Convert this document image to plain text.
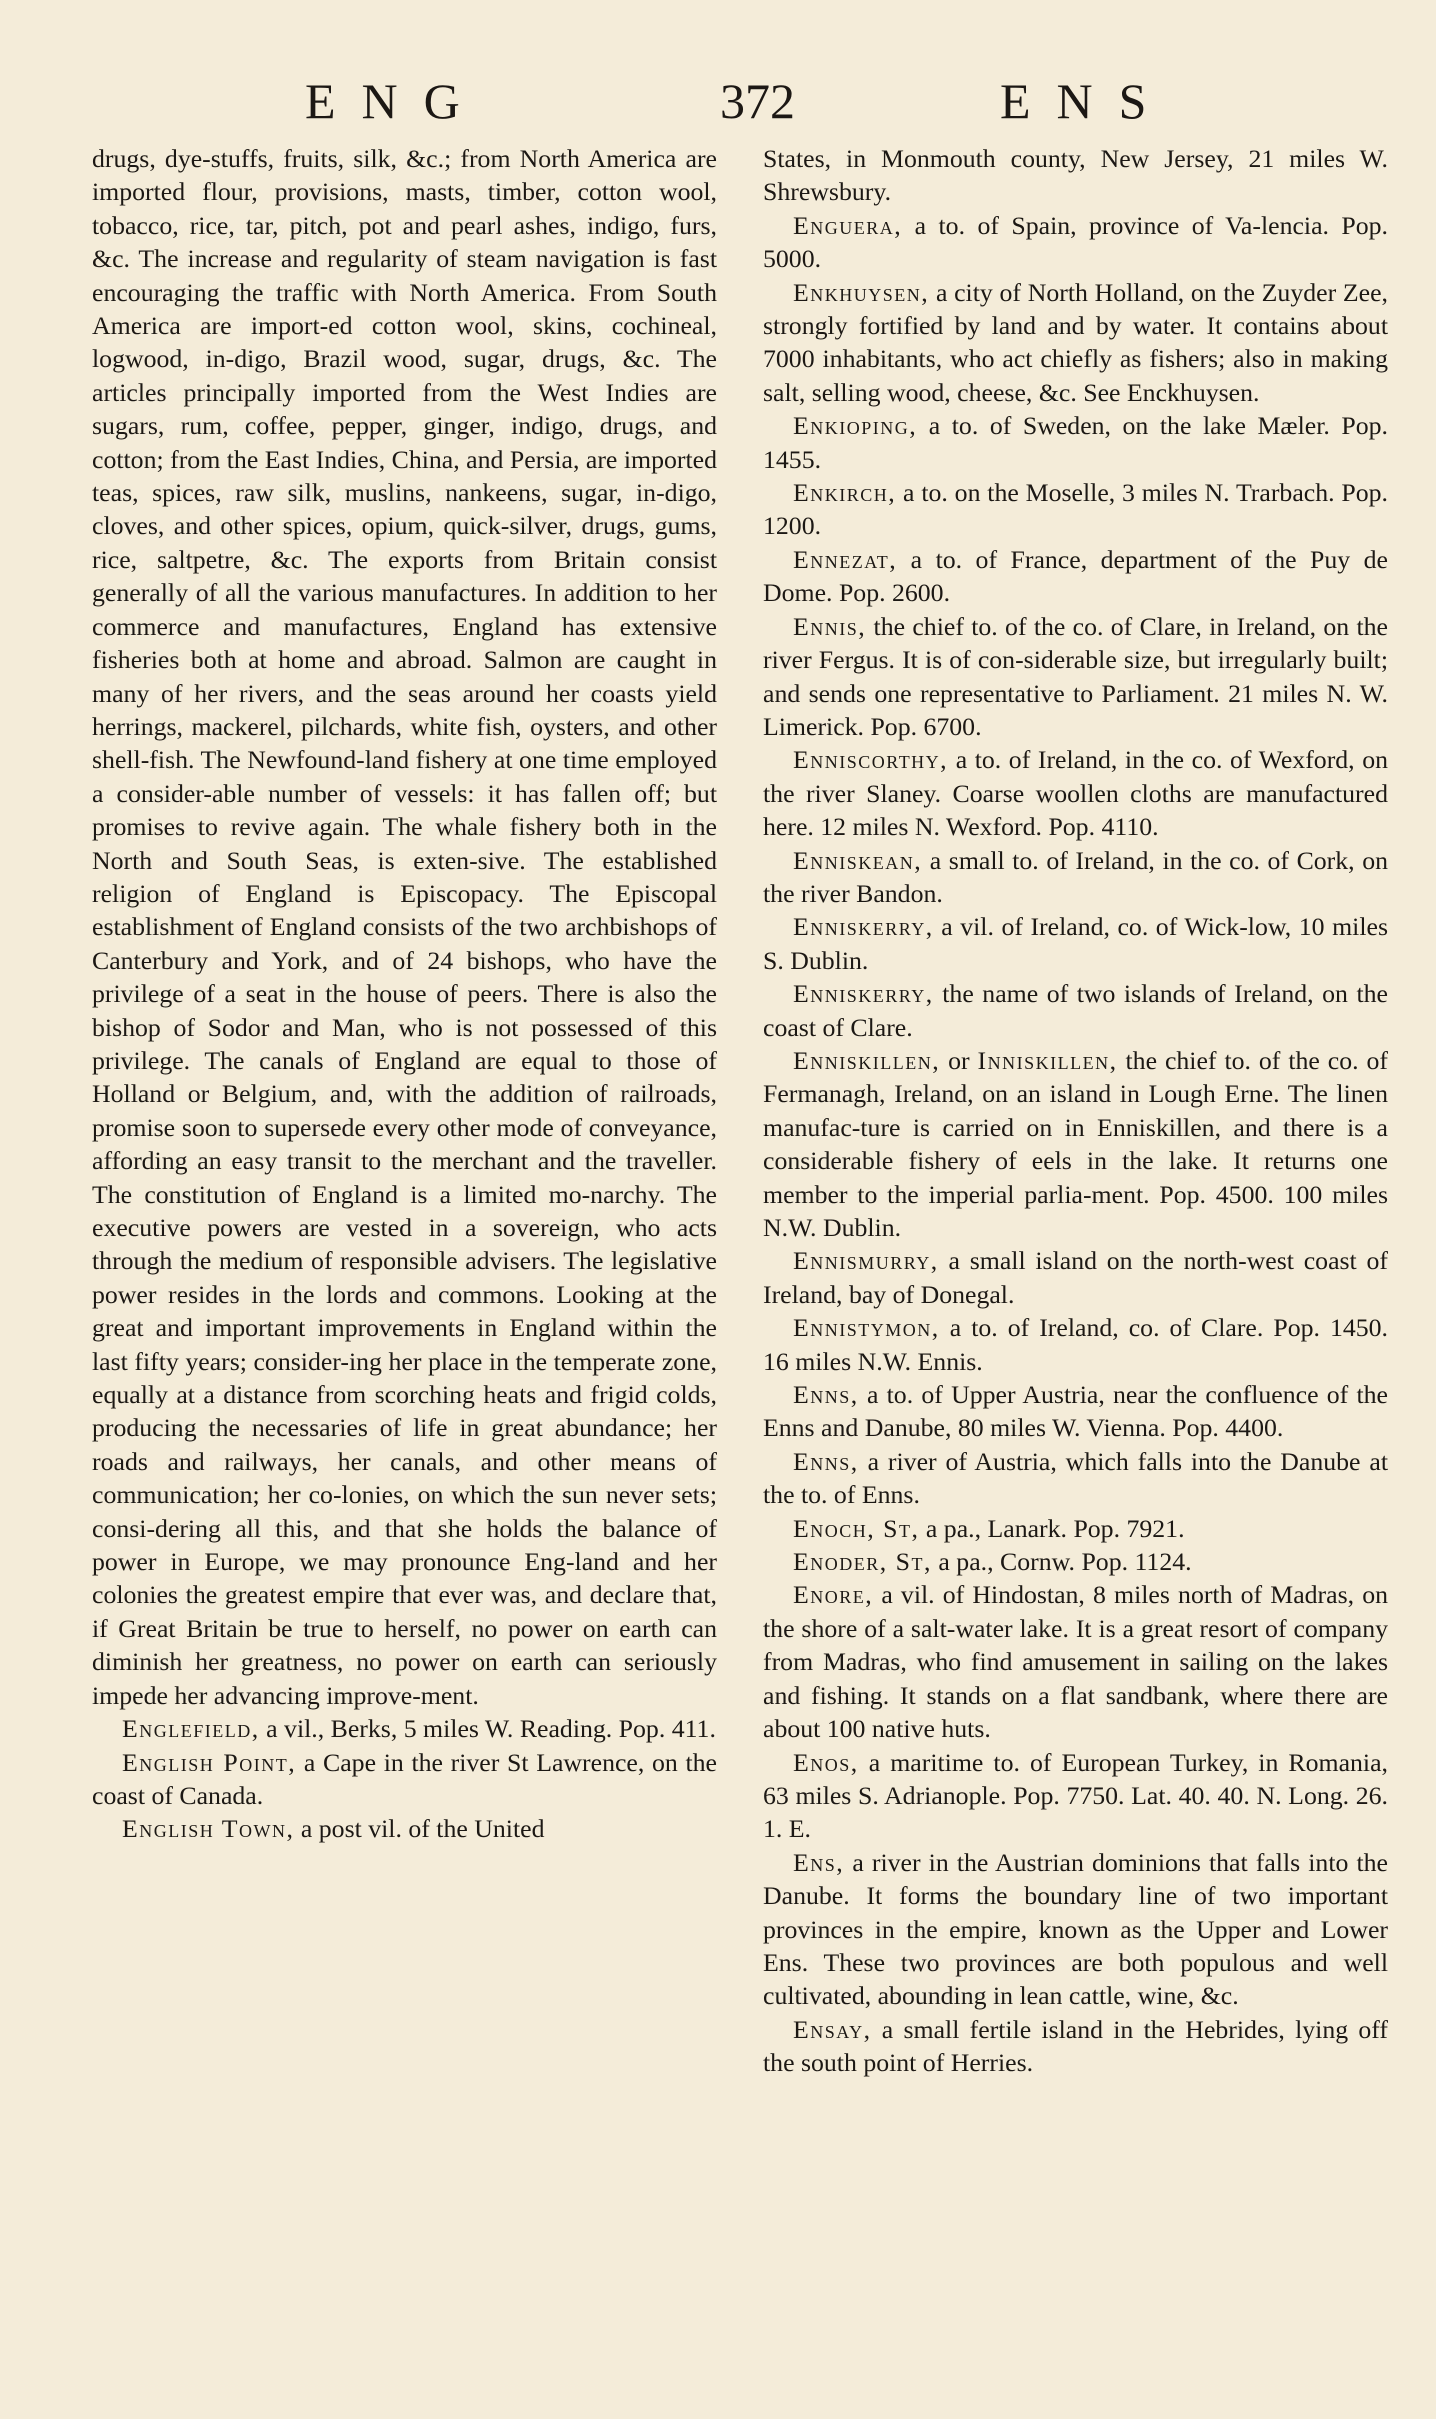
ENG	372	ENS

drugs, dye-stuffs, fruits, silk, &c.; from North America are imported flour, provisions, masts, timber, cotton wool, tobacco, rice, tar, pitch, pot and pearl ashes, indigo, furs, &c. The increase and regularity of steam navigation is fast encouraging the traffic with North America. From South America are import-ed cotton wool, skins, cochineal, logwood, in-digo, Brazil wood, sugar, drugs, &c. The articles principally imported from the West Indies are sugars, rum, coffee, pepper, ginger, indigo, drugs, and cotton; from the East Indies, China, and Persia, are imported teas, spices, raw silk, muslins, nankeens, sugar, in-digo, cloves, and other spices, opium, quick-silver, drugs, gums, rice, saltpetre, &c. The exports from Britain consist generally of all the various manufactures. In addition to her commerce and manufactures, England has extensive fisheries both at home and abroad. Salmon are caught in many of her rivers, and the seas around her coasts yield herrings, mackerel, pilchards, white fish, oysters, and other shell-fish. The Newfound-land fishery at one time employed a consider-able number of vessels: it has fallen off; but promises to revive again. The whale fishery both in the North and South Seas, is exten-sive. The established religion of England is Episcopacy. The Episcopal establishment of England consists of the two archbishops of Canterbury and York, and of 24 bishops, who have the privilege of a seat in the house of peers. There is also the bishop of Sodor and Man, who is not possessed of this privilege. The canals of England are equal to those of Holland or Belgium, and, with the addition of railroads, promise soon to supersede every other mode of conveyance, affording an easy transit to the merchant and the traveller. The constitution of England is a limited mo-narchy. The executive powers are vested in a sovereign, who acts through the medium of responsible advisers. The legislative power resides in the lords and commons. Looking at the great and important improvements in England within the last fifty years; consider-ing her place in the temperate zone, equally at a distance from scorching heats and frigid colds, producing the necessaries of life in great abundance; her roads and railways, her canals, and other means of communication; her co-lonies, on which the sun never sets; consi-dering all this, and that she holds the balance of power in Europe, we may pronounce Eng-land and her colonies the greatest empire that ever was, and declare that, if Great Britain be true to herself, no power on earth can diminish her greatness, no power on earth can seriously impede her advancing improve-ment.

Englefield, a vil., Berks, 5 miles W. Reading. Pop. 411.

English Point, a Cape in the river St Lawrence, on the coast of Canada.

English Town, a post vil. of the United

States, in Monmouth county, New Jersey, 21 miles W. Shrewsbury.

Enguera, a to. of Spain, province of Va-lencia. Pop. 5000.

Enkhuysen, a city of North Holland, on the Zuyder Zee, strongly fortified by land and by water. It contains about 7000 inhabitants, who act chiefly as fishers; also in making salt, selling wood, cheese, &c. See Enckhuysen.

Enkioping, a to. of Sweden, on the lake Mæler. Pop. 1455.

Enkirch, a to. on the Moselle, 3 miles N. Trarbach. Pop. 1200.

Ennezat, a to. of France, department of the Puy de Dome. Pop. 2600.

Ennis, the chief to. of the co. of Clare, in Ireland, on the river Fergus. It is of con-siderable size, but irregularly built; and sends one representative to Parliament. 21 miles N. W. Limerick. Pop. 6700.

Enniscorthy, a to. of Ireland, in the co. of Wexford, on the river Slaney. Coarse woollen cloths are manufactured here. 12 miles N. Wexford. Pop. 4110.

Enniskean, a small to. of Ireland, in the co. of Cork, on the river Bandon.

Enniskerry, a vil. of Ireland, co. of Wick-low, 10 miles S. Dublin.

Enniskerry, the name of two islands of Ireland, on the coast of Clare.

Enniskillen, or Inniskillen, the chief to. of the co. of Fermanagh, Ireland, on an island in Lough Erne. The linen manufac-ture is carried on in Enniskillen, and there is a considerable fishery of eels in the lake. It returns one member to the imperial parlia-ment. Pop. 4500. 100 miles N.W. Dublin.

Ennismurry, a small island on the north-west coast of Ireland, bay of Donegal.

Ennistymon, a to. of Ireland, co. of Clare. Pop. 1450. 16 miles N.W. Ennis.

Enns, a to. of Upper Austria, near the confluence of the Enns and Danube, 80 miles W. Vienna. Pop. 4400.

Enns, a river of Austria, which falls into the Danube at the to. of Enns.

Enoch, St, a pa., Lanark. Pop. 7921.

Enoder, St, a pa., Cornw. Pop. 1124.

Enore, a vil. of Hindostan, 8 miles north of Madras, on the shore of a salt-water lake. It is a great resort of company from Madras, who find amusement in sailing on the lakes and fishing. It stands on a flat sandbank, where there are about 100 native huts.

Enos, a maritime to. of European Turkey, in Romania, 63 miles S. Adrianople. Pop. 7750. Lat. 40. 40. N. Long. 26. 1. E.

Ens, a river in the Austrian dominions that falls into the Danube. It forms the boundary line of two important provinces in the empire, known as the Upper and Lower Ens. These two provinces are both populous and well cultivated, abounding in lean cattle, wine, &c.

Ensay, a small fertile island in the Hebrides, lying off the south point of Herries.
